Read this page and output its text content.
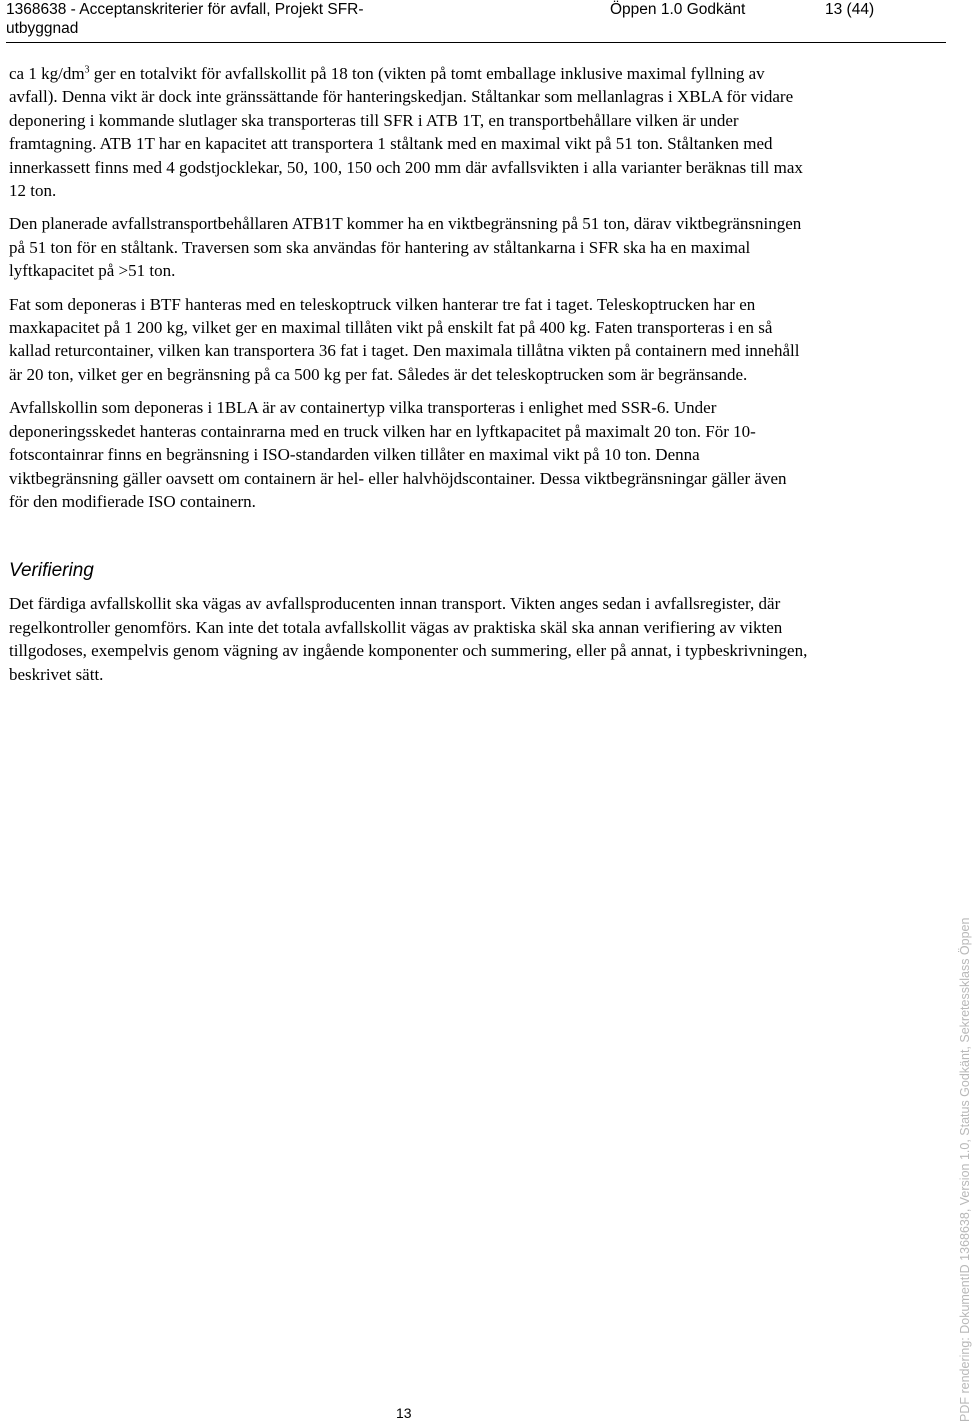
1368638 - Acceptanskriterier för avfall, Projekt SFR-utbyggnad
Öppen 1.0 Godkänt	13 (44)

ca 1 $kg/dm^3$ ger en totalvikt för avfallskollit på 18 ton (vikten på tomt emballage inklusive maximal fyllning av avfall). Denna vikt är dock inte gränssättande för hanteringskedjan. Ståltankar som mellanlagras i XBLA för vidare deponering i kommande slutlager ska transporteras till SFR i ATB 1T, en transportbehållare vilken är under framtagning. ATB 1T har en kapacitet att transportera 1 ståltank med en maximal vikt på 51 ton. Ståltanken med innerkassett finns med 4 godstjocklekar, 50, 100, 150 och 200 mm där avfallsvikten i alla varianter beräknas till max 12 ton.

Den planerade avfallstransportbehållaren ATB1T kommer ha en viktbegränsning på 51 ton, därav viktbegränsningen på 51 ton för en ståltank. Traversen som ska användas för hantering av ståltankarna i SFR ska ha en maximal lyftkapacitet på >51 ton.

Fat som deponeras i BTF hanteras med en teleskoptruck vilken hanterar tre fat i taget. Teleskoptrucken har en maxkapacitet på 1 200 kg, vilket ger en maximal tillåten vikt på enskilt fat på 400 kg. Faten transporteras i en så kallad returcontainer, vilken kan transportera 36 fat i taget. Den maximala tillåtna vikten på containern med innehåll är 20 ton, vilket ger en begränsning på ca 500 kg per fat. Således är det teleskoptrucken som är begränsande.

Avfallskollin som deponeras i 1BLA är av containertyp vilka transporteras i enlighet med SSR-6. Under deponeringsskedet hanteras containrarna med en truck vilken har en lyftkapacitet på maximalt 20 ton. För 10-fotscontainrar finns en begränsning i ISO-standarden vilken tillåter en maximal vikt på 10 ton. Denna viktbegränsning gäller oavsett om containern är hel- eller halvhöjdscontainer. Dessa viktbegränsningar gäller även för den modifierade ISO containern.

Verifiering

Det färdiga avfallskollit ska vägas av avfallsproducenten innan transport. Vikten anges sedan i avfallsregister, där regelkontroller genomförs. Kan inte det totala avfallskollit vägas av praktiska skäl ska annan verifiering av vikten tillgodoses, exempelvis genom vägning av ingående komponenter och summering, eller på annat, i typbeskrivningen, beskrivet sätt.

13	PDF rendering: DokumentID 1368638, Version 1.0, Status Godkänt, Sekretessklass Öppen
